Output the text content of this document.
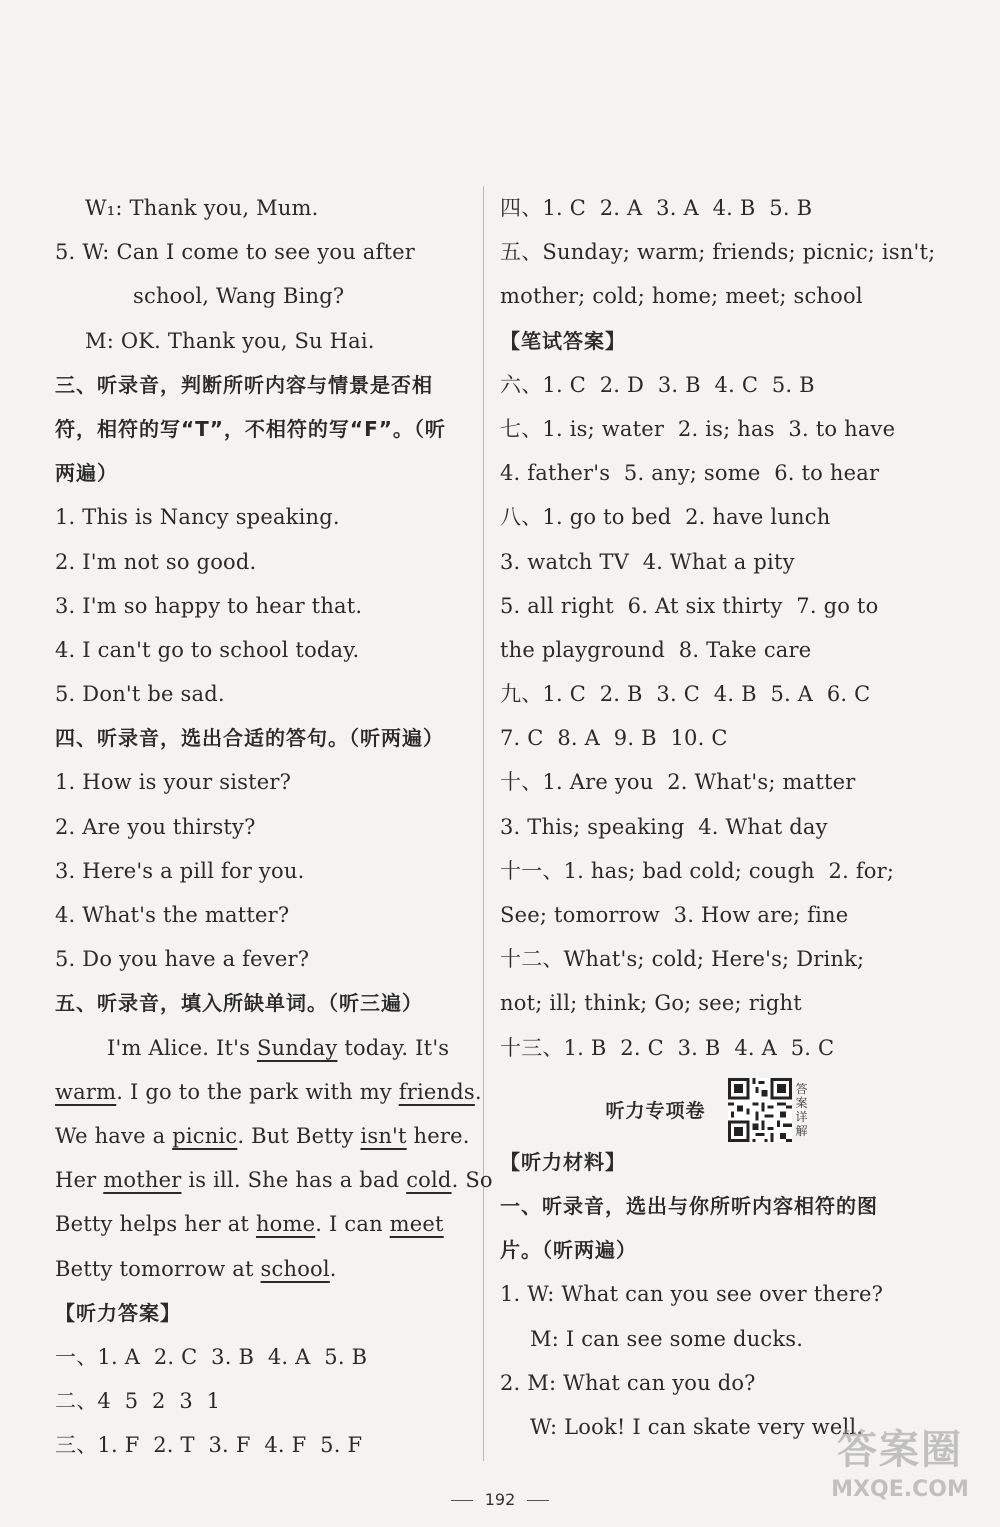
W₁: Thank you, Mum.
5. W: Can I come to see you after
school, Wang Bing?
M: OK. Thank you, Su Hai.
三、听录音，判断所听内容与情景是否相
符，相符的写“T”，不相符的写“F”。（听
两遍）
1. This is Nancy speaking.
2. I'm not so good.
3. I'm so happy to hear that.
4. I can't go to school today.
5. Don't be sad.
四、听录音，选出合适的答句。（听两遍）
1. How is your sister?
2. Are you thirsty?
3. Here's a pill for you.
4. What's the matter?
5. Do you have a fever?
五、听录音，填入所缺单词。（听三遍）
I'm Alice. It's Sunday today. It's
warm. I go to the park with my friends.
We have a picnic. But Betty isn't here.
Her mother is ill. She has a bad cold. So
Betty helps her at home. I can meet
Betty tomorrow at school.
【听力答案】
一、1. A  2. C  3. B  4. A  5. B
二、4  5  2  3  1
三、1. F  2. T  3. F  4. F  5. F
四、1. C  2. A  3. A  4. B  5. B
五、Sunday; warm; friends; picnic; isn't;
mother; cold; home; meet; school
【笔试答案】
六、1. C  2. D  3. B  4. C  5. B
七、1. is; water  2. is; has  3. to have
4. father's  5. any; some  6. to hear
八、1. go to bed  2. have lunch
3. watch TV  4. What a pity
5. all right  6. At six thirty  7. go to
the playground  8. Take care
九、1. C  2. B  3. C  4. B  5. A  6. C
7. C  8. A  9. B  10. C
十、1. Are you  2. What's; matter
3. This; speaking  4. What day
十一、1. has; bad cold; cough  2. for;
See; tomorrow  3. How are; fine
十二、What's; cold; Here's; Drink;
not; ill; think; Go; see; right
十三、1. B  2. C  3. B  4. A  5. C
听力专项卷
答案详解
【听力材料】
一、听录音，选出与你所听内容相符的图
片。（听两遍）
1. W: What can you see over there?
M: I can see some ducks.
2. M: What can you do?
W: Look! I can skate very well.
192
答案圈
MXQE.COM
